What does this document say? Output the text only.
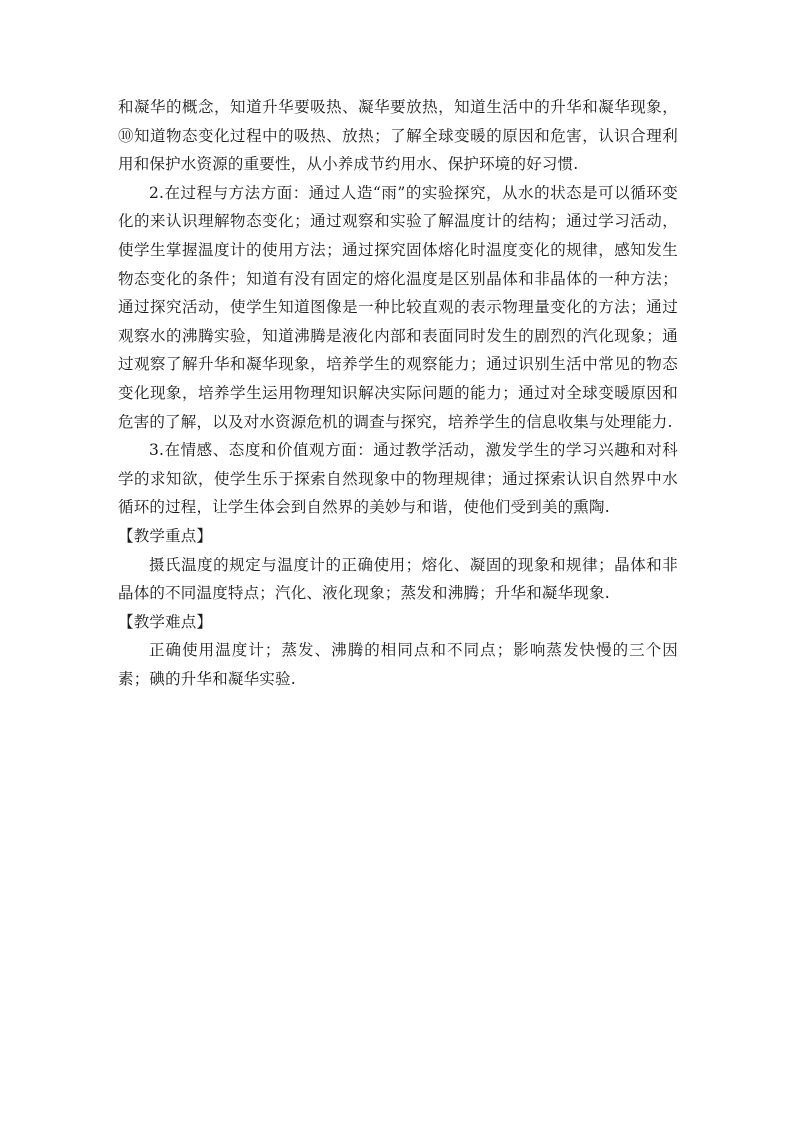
和凝华的概念，知道升华要吸热、凝华要放热，知道生活中的升华和凝华现象，⑩知道物态变化过程中的吸热、放热；了解全球变暖的原因和危害，认识合理利用和保护水资源的重要性，从小养成节约用水、保护环境的好习惯.

2.在过程与方法方面：通过人造“雨”的实验探究，从水的状态是可以循环变化的来认识理解物态变化；通过观察和实验了解温度计的结构；通过学习活动，使学生掌握温度计的使用方法；通过探究固体熔化时温度变化的规律，感知发生物态变化的条件；知道有没有固定的熔化温度是区别晶体和非晶体的一种方法；通过探究活动，使学生知道图像是一种比较直观的表示物理量变化的方法；通过观察水的沸腾实验，知道沸腾是液化内部和表面同时发生的剧烈的汽化现象；通过观察了解升华和凝华现象，培养学生的观察能力；通过识别生活中常见的物态变化现象，培养学生运用物理知识解决实际问题的能力；通过对全球变暖原因和危害的了解，以及对水资源危机的调查与探究，培养学生的信息收集与处理能力.

3.在情感、态度和价值观方面：通过教学活动，激发学生的学习兴趣和对科学的求知欲，使学生乐于探索自然现象中的物理规律；通过探索认识自然界中水循环的过程，让学生体会到自然界的美妙与和谐，使他们受到美的熏陶.

【教学重点】

摄氏温度的规定与温度计的正确使用；熔化、凝固的现象和规律；晶体和非晶体的不同温度特点；汽化、液化现象；蒸发和沸腾；升华和凝华现象.

【教学难点】

正确使用温度计；蒸发、沸腾的相同点和不同点；影响蒸发快慢的三个因素；碘的升华和凝华实验.
